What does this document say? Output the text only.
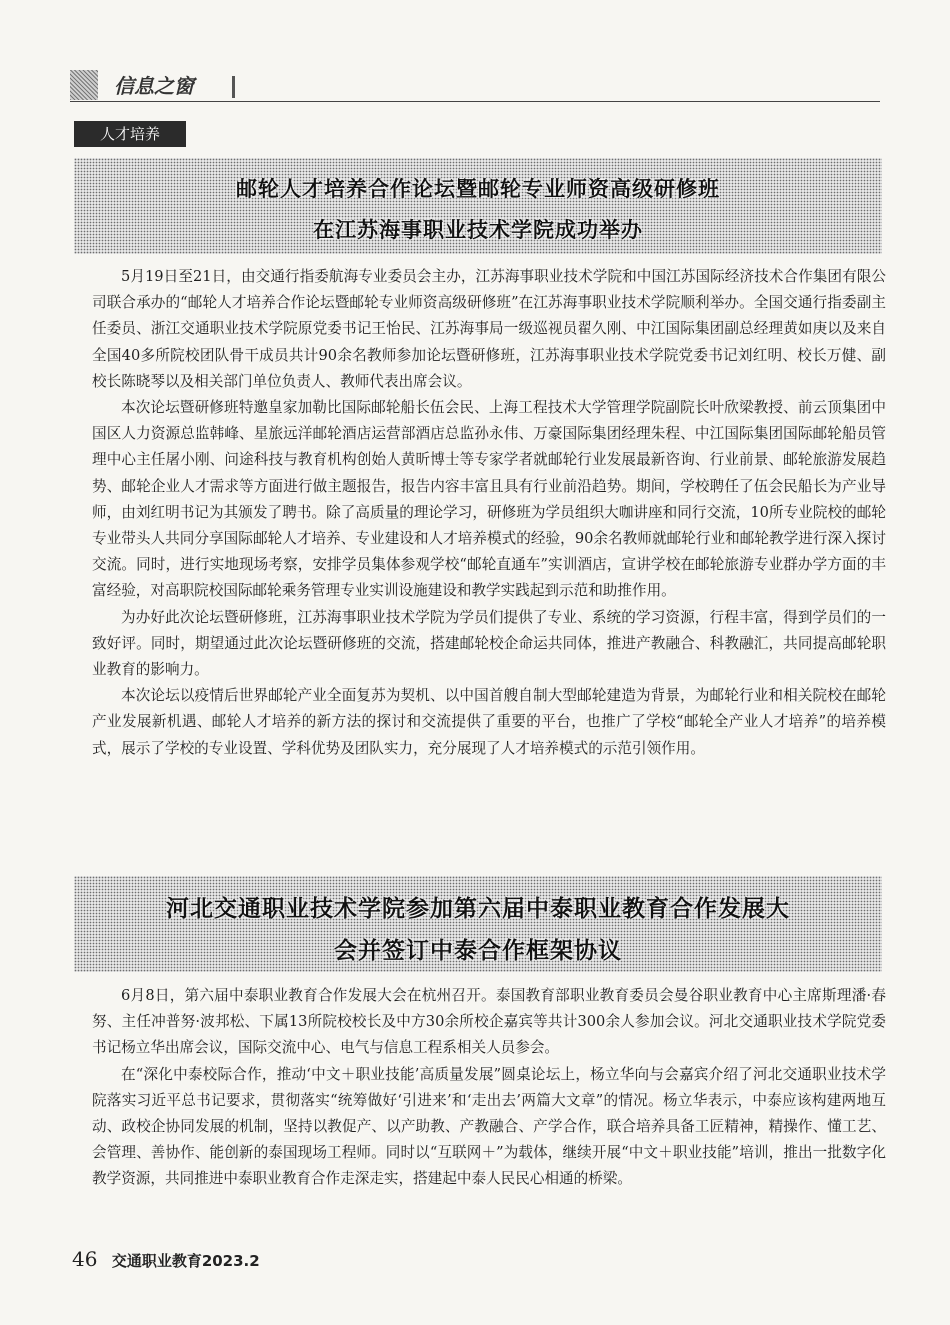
信息之窗
人才培养
邮轮人才培养合作论坛暨邮轮专业师资高级研修班
在江苏海事职业技术学院成功举办

5月19日至21日，由交通行指委航海专业委员会主办，江苏海事职业技术学院和中国江苏国际经济技术合作集团有限公司联合承办的“邮轮人才培养合作论坛暨邮轮专业师资高级研修班”在江苏海事职业技术学院顺利举办。全国交通行指委副主任委员、浙江交通职业技术学院原党委书记王怡民、江苏海事局一级巡视员翟久刚、中江国际集团副总经理黄如庚以及来自全国40多所院校团队骨干成员共计90余名教师参加论坛暨研修班，江苏海事职业技术学院党委书记刘红明、校长万健、副校长陈晓琴以及相关部门单位负责人、教师代表出席会议。

本次论坛暨研修班特邀皇家加勒比国际邮轮船长伍会民、上海工程技术大学管理学院副院长叶欣梁教授、前云顶集团中国区人力资源总监韩峰、星旅远洋邮轮酒店运营部酒店总监孙永伟、万豪国际集团经理朱程、中江国际集团国际邮轮船员管理中心主任屠小刚、问途科技与教育机构创始人黄昕博士等专家学者就邮轮行业发展最新咨询、行业前景、邮轮旅游发展趋势、邮轮企业人才需求等方面进行做主题报告，报告内容丰富且具有行业前沿趋势。期间，学校聘任了伍会民船长为产业导师，由刘红明书记为其颁发了聘书。除了高质量的理论学习，研修班为学员组织大咖讲座和同行交流，10所专业院校的邮轮专业带头人共同分享国际邮轮人才培养、专业建设和人才培养模式的经验，90余名教师就邮轮行业和邮轮教学进行深入探讨交流。同时，进行实地现场考察，安排学员集体参观学校“邮轮直通车”实训酒店，宣讲学校在邮轮旅游专业群办学方面的丰富经验，对高职院校国际邮轮乘务管理专业实训设施建设和教学实践起到示范和助推作用。

为办好此次论坛暨研修班，江苏海事职业技术学院为学员们提供了专业、系统的学习资源，行程丰富，得到学员们的一致好评。同时，期望通过此次论坛暨研修班的交流，搭建邮轮校企命运共同体，推进产教融合、科教融汇，共同提高邮轮职业教育的影响力。

本次论坛以疫情后世界邮轮产业全面复苏为契机、以中国首艘自制大型邮轮建造为背景，为邮轮行业和相关院校在邮轮产业发展新机遇、邮轮人才培养的新方法的探讨和交流提供了重要的平台，也推广了学校“邮轮全产业人才培养”的培养模式，展示了学校的专业设置、学科优势及团队实力，充分展现了人才培养模式的示范引领作用。

河北交通职业技术学院参加第六届中泰职业教育合作发展大
会并签订中泰合作框架协议

6月8日，第六届中泰职业教育合作发展大会在杭州召开。泰国教育部职业教育委员会曼谷职业教育中心主席斯理潘·春努、主任冲普努·波邦松、下属13所院校校长及中方30余所校企嘉宾等共计300余人参加会议。河北交通职业技术学院党委书记杨立华出席会议，国际交流中心、电气与信息工程系相关人员参会。

在“深化中泰校际合作，推动‘中文＋职业技能’高质量发展”圆桌论坛上，杨立华向与会嘉宾介绍了河北交通职业技术学院落实习近平总书记要求，贯彻落实“统筹做好‘引进来’和‘走出去’两篇大文章”的情况。杨立华表示，中泰应该构建两地互动、政校企协同发展的机制，坚持以教促产、以产助教、产教融合、产学合作，联合培养具备工匠精神，精操作、懂工艺、会管理、善协作、能创新的泰国现场工程师。同时以“互联网＋”为载体，继续开展“中文＋职业技能”培训，推出一批数字化教学资源，共同推进中泰职业教育合作走深走实，搭建起中泰人民民心相通的桥梁。

46 交通职业教育2023.2
